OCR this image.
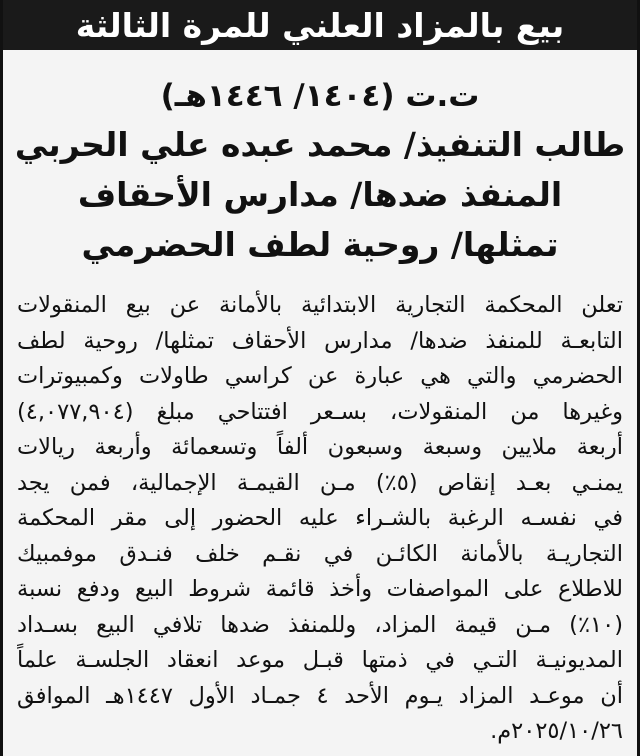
بيع بالمزاد العلني للمرة الثالثة
ت.ت (١٤٠٤/ ١٤٤٦هـ)
طالب التنفيذ/ محمد عبده علي الحربي
المنفذ ضدها/ مدارس الأحقاف
تمثلها/ روحية لطف الحضرمي
تعلن المحكمة التجارية الابتدائية بالأمانة عن بيع المنقولات
التابعـة للمنفذ ضدها/ مدارس الأحقاف تمثلها/ روحية لطف
الحضرمي والتي هي عبارة عن كراسي طاولات وكمبيوترات
وغيرها من المنقولات، بسـعر افتتاحي مبلغ (٤,٠٧٧,٩٠٤)
أربعة ملايين وسبعة وسبعون ألفاً وتسعمائة وأربعة ريالات
يمنـي بعـد إنقاص (٥٪) مـن القيمـة الإجمالية، فمن يجد
في نفسـه الرغبة بالشـراء عليه الحضور إلى مقر المحكمة
التجاريـة بالأمانة الكائـن في نقـم خلف فنـدق موفمبيك
للاطلاع على المواصفات وأخذ قائمة شروط البيع ودفع نسبة
(١٠٪) مـن قيمة المزاد، وللمنفذ ضدها تلافي البيع بسـداد
المديونيـة التـي في ذمتها قبـل موعد انعقاد الجلسـة علماً
أن موعـد المزاد يـوم الأحد ٤ جمـاد الأول ١٤٤٧هـ الموافق
٢٠٢٥/١٠/٢٦م.
